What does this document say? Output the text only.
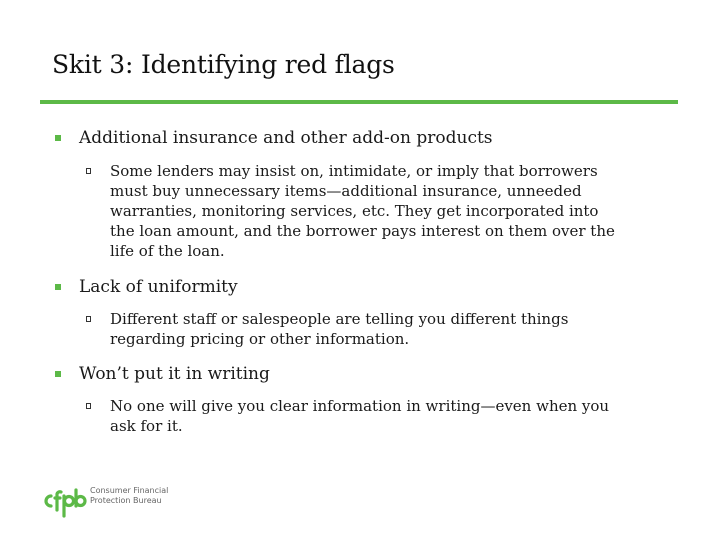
Skit 3: Identifying red flags
Additional insurance and other add-on products
Some lenders may insist on, intimidate, or imply that borrowers
must buy unnecessary items—additional insurance, unneeded
warranties, monitoring services, etc. They get incorporated into
the loan amount, and the borrower pays interest on them over the
life of the loan.
Lack of uniformity
Different staff or salespeople are telling you different things
regarding pricing or other information.
Won’t put it in writing
No one will give you clear information in writing—even when you
ask for it.
Consumer Financial
Protection Bureau
